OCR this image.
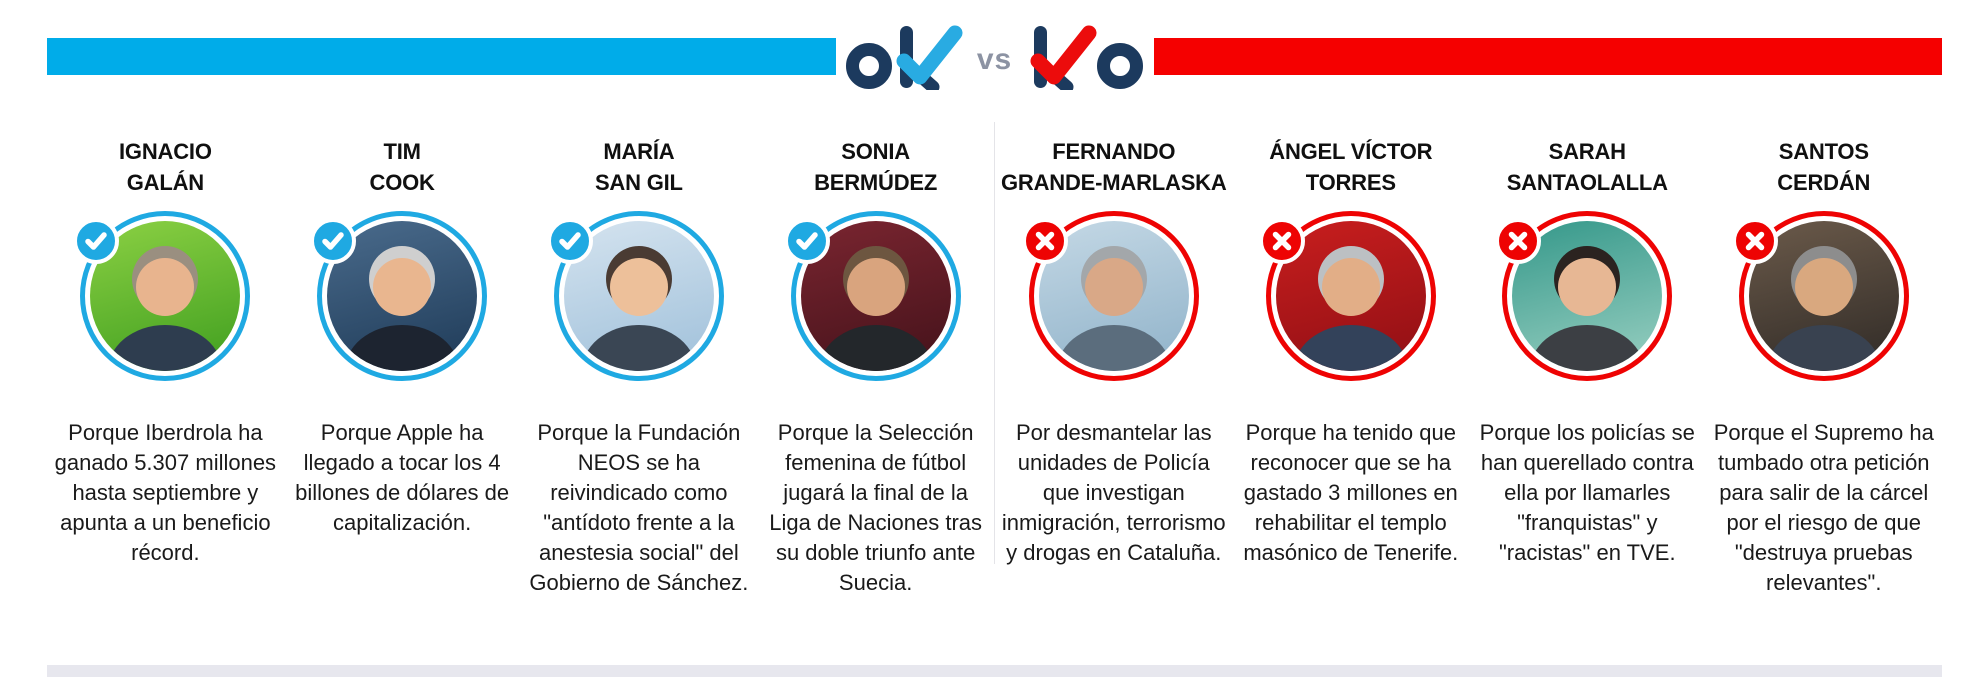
vs
IGNACIO
GALÁN
Porque Iberdrola ha ganado 5.307 millones hasta septiembre y apunta a un beneficio récord.
TIM
COOK
Porque Apple ha llegado a tocar los 4 billones de dólares de capitalización.
MARÍA
SAN GIL
Porque la Fundación NEOS se ha reivindicado como "antídoto frente a la anestesia social" del Gobierno de Sánchez.
SONIA
BERMÚDEZ
Porque la Selección femenina de fútbol jugará la final de la Liga de Naciones tras su doble triunfo ante Suecia.
FERNANDO
GRANDE-MARLASKA
Por desmantelar las unidades de Policía que investigan inmigración, terrorismo y drogas en Cataluña.
ÁNGEL VÍCTOR
TORRES
Porque ha tenido que reconocer que se ha gastado 3 millones en rehabilitar el templo masónico de Tenerife.
SARAH
SANTAOLALLA
Porque los policías se han querellado contra ella por llamarles "franquistas" y "racistas" en TVE.
SANTOS
CERDÁN
Porque el Supremo ha tumbado otra petición para salir de la cárcel por el riesgo de que "destruya pruebas relevantes".
